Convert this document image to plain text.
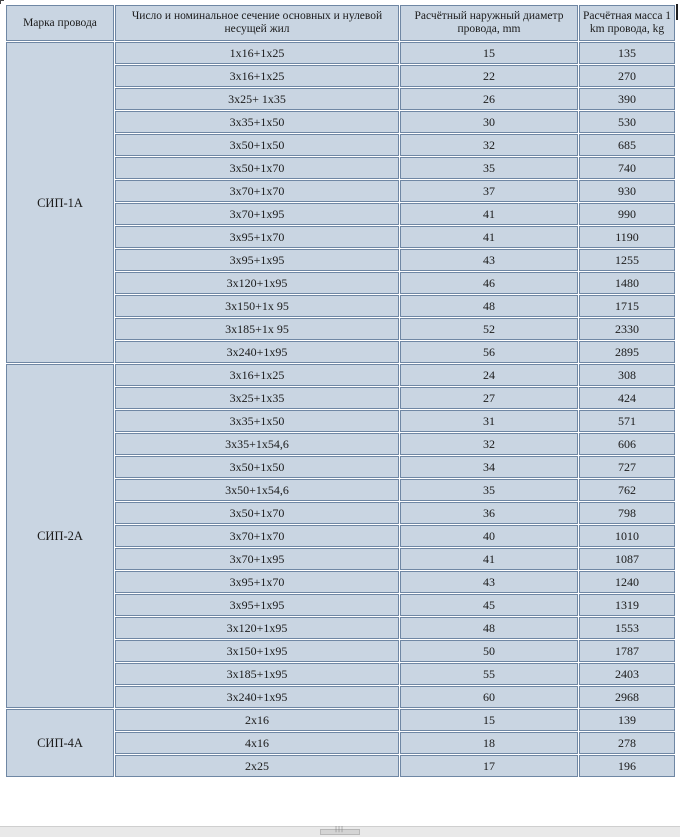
Марка провода	Число и номинальное сечение основных и нулевой несущей жил	Расчётный наружный диаметр провода, mm	Расчётная масса 1 km провода, kg
СИП-1А	1x16+1x25	15	135
	3x16+1x25	22	270
	3x25+ 1x35	26	390
	3x35+1x50	30	530
	3x50+1x50	32	685
	3x50+1x70	35	740
	3x70+1x70	37	930
	3x70+1x95	41	990
	3x95+1x70	41	1190
	3x95+1x95	43	1255
	3x120+1x95	46	1480
	3x150+1x 95	48	1715
	3x185+1x 95	52	2330
	3x240+1x95	56	2895
СИП-2А	3x16+1x25	24	308
	3x25+1x35	27	424
	3x35+1x50	31	571
	3x35+1x54,6	32	606
	3x50+1x50	34	727
	3x50+1x54,6	35	762
	3x50+1x70	36	798
	3x70+1x70	40	1010
	3x70+1x95	41	1087
	3x95+1x70	43	1240
	3x95+1x95	45	1319
	3x120+1x95	48	1553
	3x150+1x95	50	1787
	3x185+1x95	55	2403
	3x240+1x95	60	2968
СИП-4А	2x16	15	139
	4x16	18	278
	2x25	17	196
|||
